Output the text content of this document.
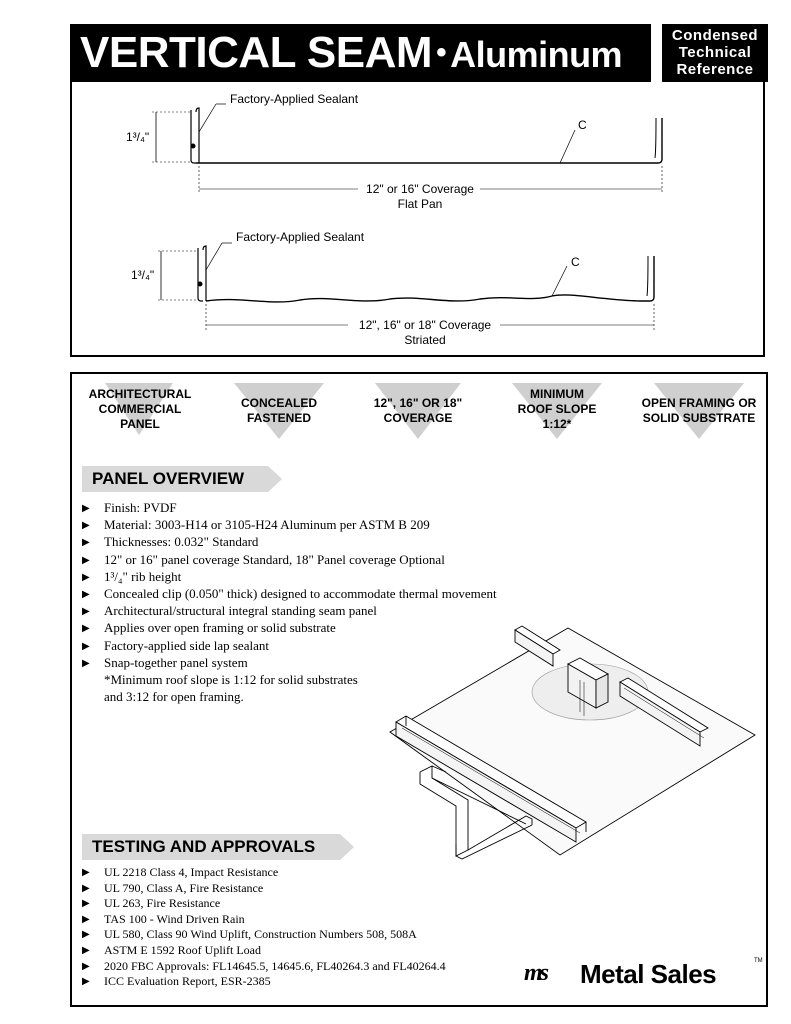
VERTICAL SEAM • Aluminum	Condensed
Technical
Reference
Factory-Applied Sealant
1³/₄"
C
12" or 16" Coverage
Flat Pan
Factory-Applied Sealant
1³/₄"
C
12", 16" or 18" Coverage
Striated
ARCHITECTURAL
COMMERCIAL
PANEL
CONCEALED
FASTENED
12", 16" OR 18"
COVERAGE
MINIMUM
ROOF SLOPE
1:12*
OPEN FRAMING OR
SOLID SUBSTRATE
PANEL OVERVIEW
▶ Finish: PVDF
▶ Material: 3003-H14 or 3105-H24 Aluminum per ASTM B 209
▶ Thicknesses: 0.032" Standard
▶ 12" or 16" panel coverage Standard, 18" Panel coverage Optional
▶ 1³/₄" rib height
▶ Concealed clip (0.050" thick) designed to accommodate thermal movement
▶ Architectural/structural integral standing seam panel
▶ Applies over open framing or solid substrate
▶ Factory-applied side lap sealant
▶ Snap-together panel system
*Minimum roof slope is 1:12 for solid substrates
and 3:12 for open framing.
TESTING AND APPROVALS
▶ UL 2218 Class 4, Impact Resistance
▶ UL 790, Class A, Fire Resistance
▶ UL 263, Fire Resistance
▶ TAS 100 - Wind Driven Rain
▶ UL 580, Class 90 Wind Uplift, Construction Numbers 508, 508A
▶ ASTM E 1592 Roof Uplift Load
▶ 2020 FBC Approvals: FL14645.5, 14645.6, FL40264.3 and FL40264.4
▶ ICC Evaluation Report, ESR-2385	ms Metal Sales	TM
